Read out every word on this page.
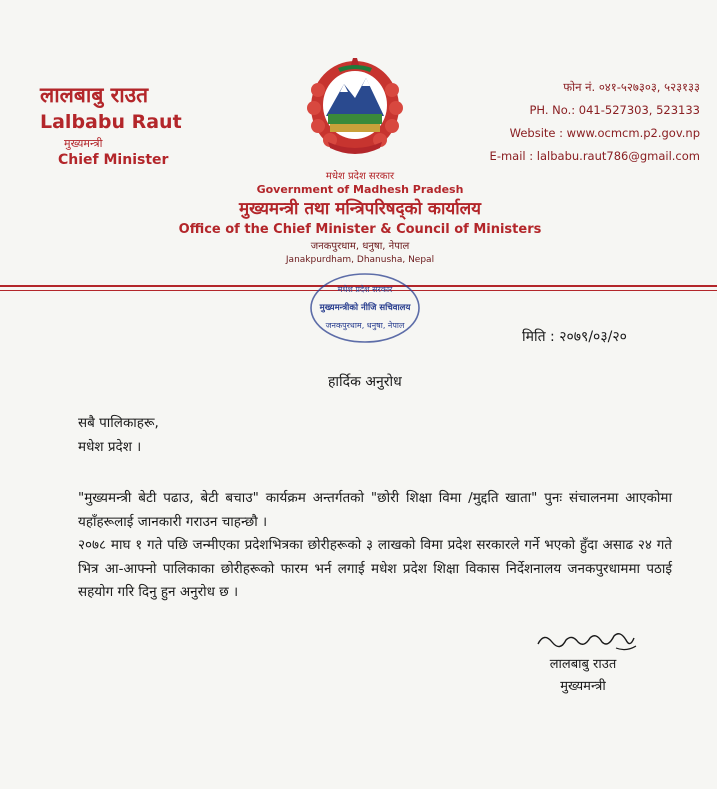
लालबाबु राउत
Lalbabu Raut
मुख्यमन्त्री
Chief Minister
फोन नं. ०४१-५२७३०३, ५२३१३३
PH. No.: 041-527303, 523133
Website : www.ocmcm.p2.gov.np
E-mail : lalbabu.raut786@gmail.com
मधेश प्रदेश सरकार
Government of Madhesh Pradesh
मुख्यमन्त्री तथा मन्त्रिपरिषद्को कार्यालय
Office of the Chief Minister & Council of Ministers
जनकपुरधाम, धनुषा, नेपाल
Janakpurdham, Dhanusha, Nepal
मधेश प्रदेश सरकार
मुख्यमन्त्रीको नीजि सचिवालय
जनकपुरधाम, धनुषा, नेपाल
मिति : २०७९/०३/२०
हार्दिक अनुरोध
सबै पालिकाहरू,
मधेश प्रदेश ।

"मुख्यमन्त्री बेटी पढाउ, बेटी बचाउ" कार्यक्रम अन्तर्गतको "छोरी शिक्षा विमा /मुद्दति खाता" पुनः संचालनमा आएकोमा यहाँहरूलाई जानकारी गराउन चाहन्छौ ।

२०७८ माघ १ गते पछि जन्मीएका प्रदेशभित्रका छोरीहरूको ३ लाखको विमा प्रदेश सरकारले गर्ने भएको हुँदा असाढ २४ गते भित्र आ-आफ्नो पालिकाका छोरीहरूको फारम भर्न लगाई मधेश प्रदेश शिक्षा विकास निर्देशनालय जनकपुरधाममा पठाई सहयोग गरि दिनु हुन अनुरोध छ ।

लालबाबु राउत
मुख्यमन्त्री
